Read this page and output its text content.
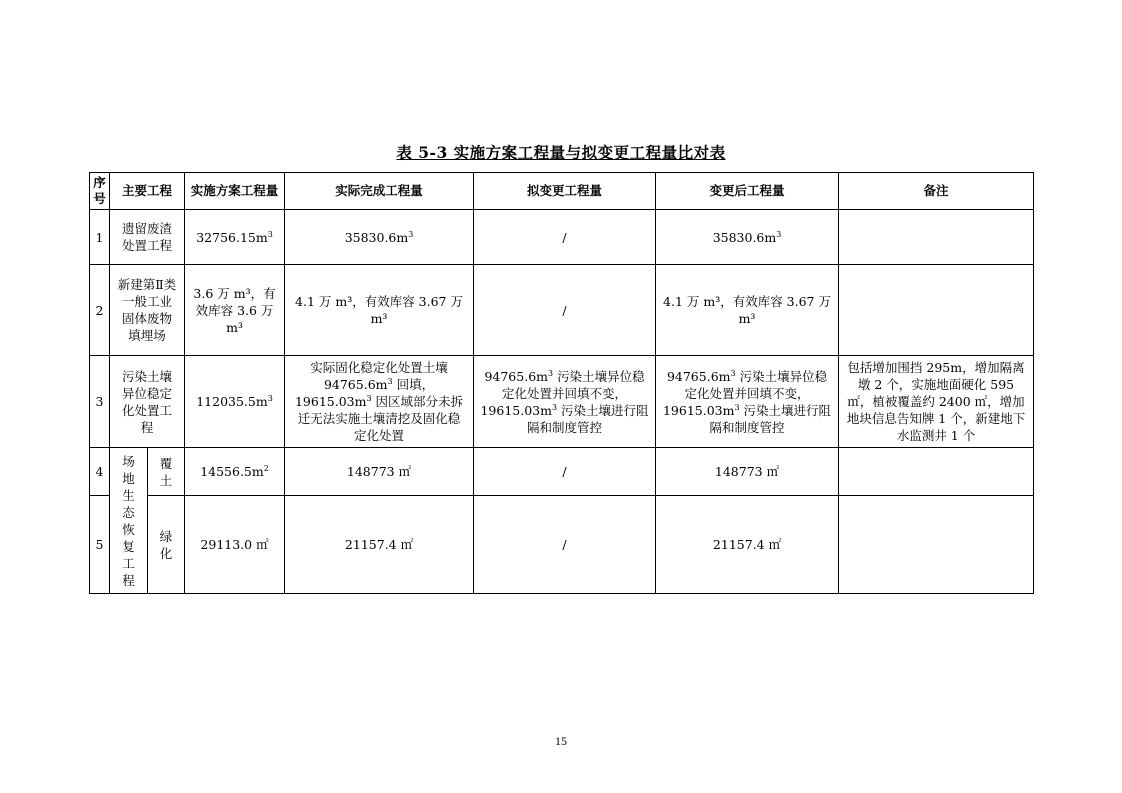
表 5-3 实施方案工程量与拟变更工程量比对表
序号	主要工程		实施方案工程量	实际完成工程量	拟变更工程量	变更后工程量	备注
1	遗留废渣处置工程		$32756.15m^3$	$35830.6m^3$	/	$35830.6m^3$	
2	新建第Ⅱ类一般工业固体废物填埋场		3.6 万 m³，有效库容 3.6 万 m³	4.1 万 m³，有效库容 3.67 万 m³	/	4.1 万 m³，有效库容 3.67 万 m³	
3	污染土壤异位稳定化处置工程		$112035.5m^3$	实际固化稳定化处置土壤 $94765.6m^3$ 回填，$19615.03m^3$ 因区域部分未拆迁无法实施土壤清挖及固化稳定化处置	$94765.6m^3$ 污染土壤异位稳定化处置并回填不变，$19615.03m^3$ 污染土壤进行阻隔和制度管控	$94765.6m^3$ 污染土壤异位稳定化处置并回填不变，$19615.03m^3$ 污染土壤进行阻隔和制度管控	包括增加围挡 295m，增加隔离墩 2 个，实施地面硬化 595 ㎡，植被覆盖约 2400 ㎡，增加地块信息告知牌 1 个，新建地下水监测井 1 个
4	场地生态恢复工程	覆土	$14556.5m^2$	148773 ㎡	/	148773 ㎡	
5		绿化	29113.0 ㎡	21157.4 ㎡	/	21157.4 ㎡	
15
